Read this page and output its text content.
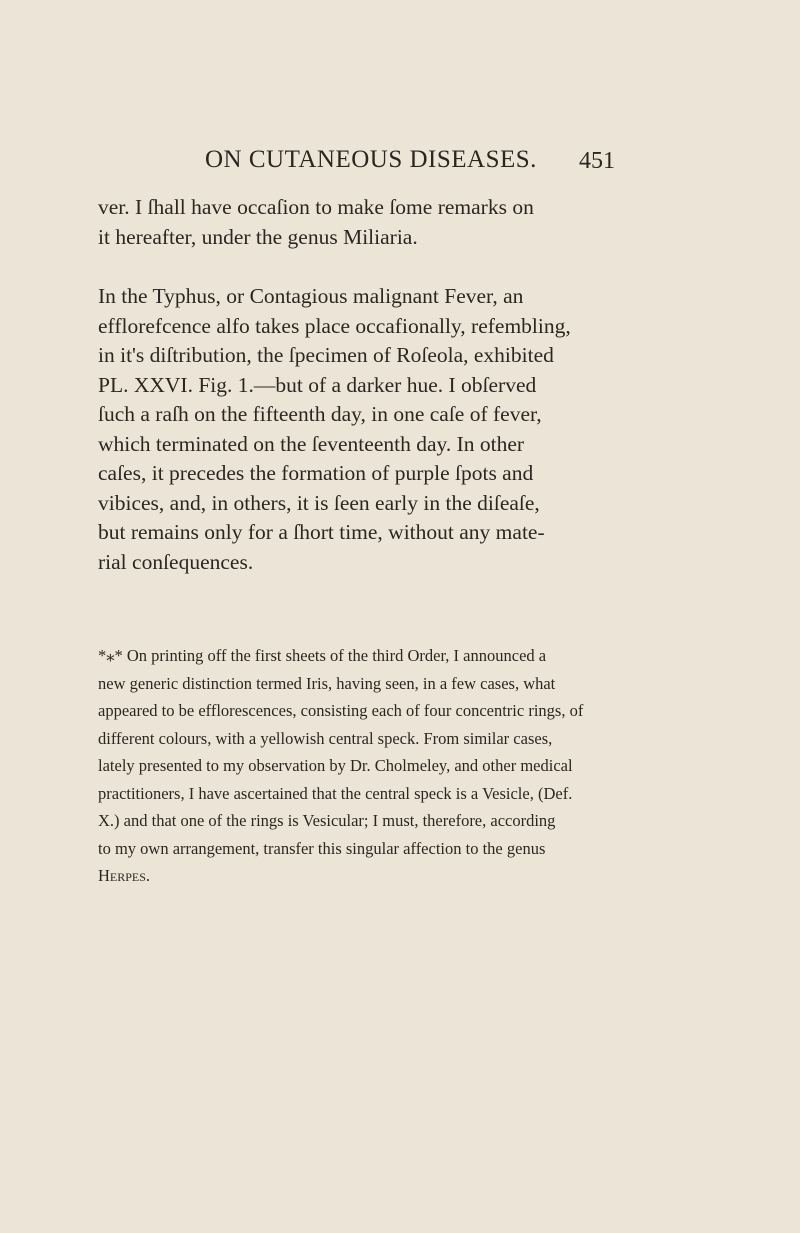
ON CUTANEOUS DISEASES. 451

ver. I ſhall have occaſion to make ſome remarks on
it hereafter, under the genus Miliaria.

In the Typhus, or Contagious malignant Fever, an
efflorefcence alfo takes place occafionally, refembling,
in it's diſtribution, the ſpecimen of Roſeola, exhibited
PL. XXVI. Fig. 1.—but of a darker hue. I obſerved
ſuch a raſh on the fifteenth day, in one caſe of fever,
which terminated on the ſeventeenth day. In other
caſes, it precedes the formation of purple ſpots and
vibices, and, in others, it is ſeen early in the diſeaſe,
but remains only for a ſhort time, without any mate-
rial conſequences.

*⁎* On printing off the first sheets of the third Order, I announced a
new generic distinction termed Iris, having seen, in a few cases, what
appeared to be efflorescences, consisting each of four concentric rings, of
different colours, with a yellowish central speck. From similar cases,
lately presented to my observation by Dr. Cholmeley, and other medical
practitioners, I have ascertained that the central speck is a Vesicle, (Def.
X.) and that one of the rings is Vesicular; I must, therefore, according
to my own arrangement, transfer this singular affection to the genus
Herpes.
